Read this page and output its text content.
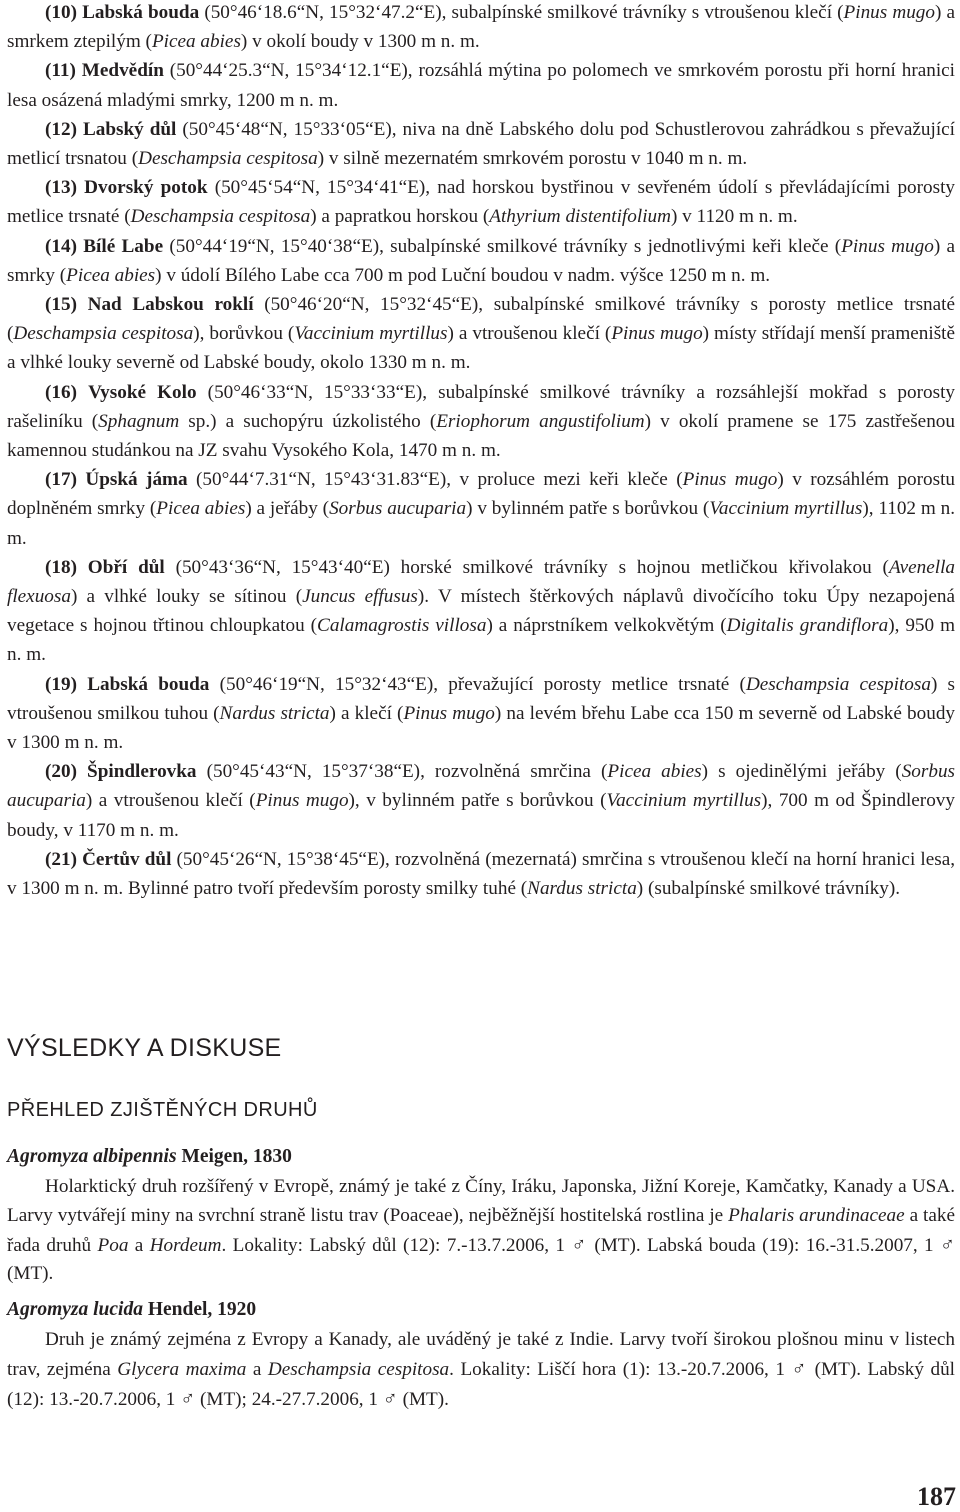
(10) Labská bouda (50°46‘18.6“N, 15°32‘47.2“E), subalpínské smilkové trávníky s vtroušenou klečí (Pinus mugo) a smrkem ztepilým (Picea abies) v okolí boudy v 1300 m n. m.

(11) Medvědín (50°44‘25.3“N, 15°34‘12.1“E), rozsáhlá mýtina po polomech ve smrkovém porostu při horní hranici lesa osázená mladými smrky, 1200 m n. m.

(12) Labský důl (50°45‘48“N, 15°33‘05“E), niva na dně Labského dolu pod Schustlerovou zahrádkou s převažující metlicí trsnatou (Deschampsia cespitosa) v silně mezernatém smrkovém porostu v 1040 m n. m.

(13) Dvorský potok (50°45‘54“N, 15°34‘41“E), nad horskou bystřinou v sevřeném údolí s převládajícími porosty metlice trsnaté (Deschampsia cespitosa) a papratkou horskou (Athyrium distentifolium) v 1120 m n. m.

(14) Bílé Labe (50°44‘19“N, 15°40‘38“E), subalpínské smilkové trávníky s jednotlivými keři kleče (Pinus mugo) a smrky (Picea abies) v údolí Bílého Labe cca 700 m pod Luční boudou v nadm. výšce 1250 m n. m.

(15) Nad Labskou roklí (50°46‘20“N, 15°32‘45“E), subalpínské smilkové trávníky s porosty metlice trsnaté (Deschampsia cespitosa), borůvkou (Vaccinium myrtillus) a vtroušenou klečí (Pinus mugo) místy střídají menší prameniště a vlhké louky severně od Labské boudy, okolo 1330 m n. m.

(16) Vysoké Kolo (50°46‘33“N, 15°33‘33“E), subalpínské smilkové trávníky a rozsáhlejší mokřad s porosty rašeliníku (Sphagnum sp.) a suchopýru úzkolistého (Eriophorum angustifolium) v okolí pramene se 175 zastřešenou kamennou studánkou na JZ svahu Vysokého Kola, 1470 m n. m.

(17) Úpská jáma (50°44‘7.31“N, 15°43‘31.83“E), v proluce mezi keři kleče (Pinus mugo) v rozsáhlém porostu doplněném smrky (Picea abies) a jeřáby (Sorbus aucuparia) v bylinném patře s borůvkou (Vaccinium myrtillus), 1102 m n. m.

(18) Obří důl (50°43‘36“N, 15°43‘40“E) horské smilkové trávníky s hojnou metličkou křivolakou (Avenella flexuosa) a vlhké louky se sítinou (Juncus effusus). V místech štěrkových náplavů divočícího toku Úpy nezapojená vegetace s hojnou třtinou chloupkatou (Calamagrostis villosa) a náprstníkem velkokvětým (Digitalis grandiflora), 950 m n. m.

(19) Labská bouda (50°46‘19“N, 15°32‘43“E), převažující porosty metlice trsnaté (Deschampsia cespitosa) s vtroušenou smilkou tuhou (Nardus stricta) a klečí (Pinus mugo) na levém břehu Labe cca 150 m severně od Labské boudy v 1300 m n. m.

(20) Špindlerovka (50°45‘43“N, 15°37‘38“E), rozvolněná smrčina (Picea abies) s ojedinělými jeřáby (Sorbus aucuparia) a vtroušenou klečí (Pinus mugo), v bylinném patře s borůvkou (Vaccinium myrtillus), 700 m od Špindlerovy boudy, v 1170 m n. m.

(21) Čertův důl (50°45‘26“N, 15°38‘45“E), rozvolněná (mezernatá) smrčina s vtroušenou klečí na horní hranici lesa, v 1300 m n. m. Bylinné patro tvoří především porosty smilky tuhé (Nardus stricta) (subalpínské smilkové trávníky).

VÝSLEDKY A DISKUSE
PŘEHLED ZJIŠTĚNÝCH DRUHŮ

Agromyza albipennis Meigen, 1830

Holarktický druh rozšířený v Evropě, známý je také z Číny, Iráku, Japonska, Jižní Koreje, Kamčatky, Kanady a USA. Larvy vytvářejí miny na svrchní straně listu trav (Poaceae), nejběžnější hostitelská rostlina je Phalaris arundinaceae a také řada druhů Poa a Hordeum. Lokality: Labský důl (12): 7.-13.7.2006, 1 ♂ (MT). Labská bouda (19): 16.-31.5.2007, 1 ♂ (MT).

Agromyza lucida Hendel, 1920

Druh je známý zejména z Evropy a Kanady, ale uváděný je také z Indie. Larvy tvoří širokou plošnou minu v listech trav, zejména Glycera maxima a Deschampsia cespitosa. Lokality: Liščí hora (1): 13.-20.7.2006, 1 ♂ (MT). Labský důl (12): 13.-20.7.2006, 1 ♂ (MT); 24.-27.7.2006, 1 ♂ (MT).

187
